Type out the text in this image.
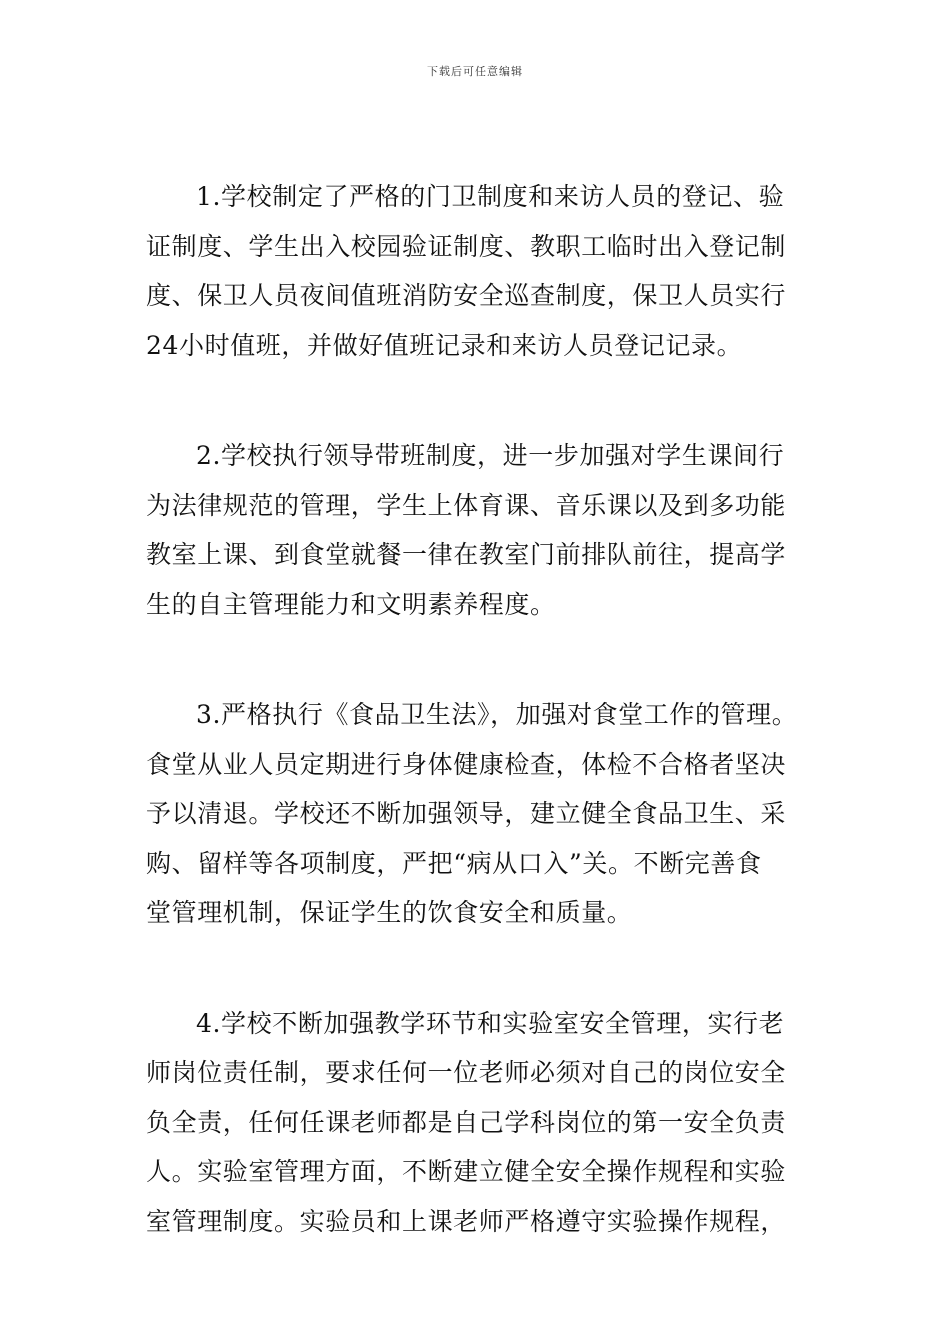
下载后可任意编辑

1.学校制定了严格的门卫制度和来访人员的登记、验
证制度、学生出入校园验证制度、教职工临时出入登记制
度、保卫人员夜间值班消防安全巡查制度，保卫人员实行
24小时值班，并做好值班记录和来访人员登记记录。

2.学校执行领导带班制度，进一步加强对学生课间行
为法律规范的管理，学生上体育课、音乐课以及到多功能
教室上课、到食堂就餐一律在教室门前排队前往，提高学
生的自主管理能力和文明素养程度。

3.严格执行《食品卫生法》，加强对食堂工作的管理。
食堂从业人员定期进行身体健康检查，体检不合格者坚决
予以清退。学校还不断加强领导，建立健全食品卫生、采
购、留样等各项制度，严把“病从口入”关。不断完善食
堂管理机制，保证学生的饮食安全和质量。

4.学校不断加强教学环节和实验室安全管理，实行老
师岗位责任制，要求任何一位老师必须对自己的岗位安全
负全责，任何任课老师都是自己学科岗位的第一安全负责
人。实验室管理方面，不断建立健全安全操作规程和实验
室管理制度。实验员和上课老师严格遵守实验操作规程，
